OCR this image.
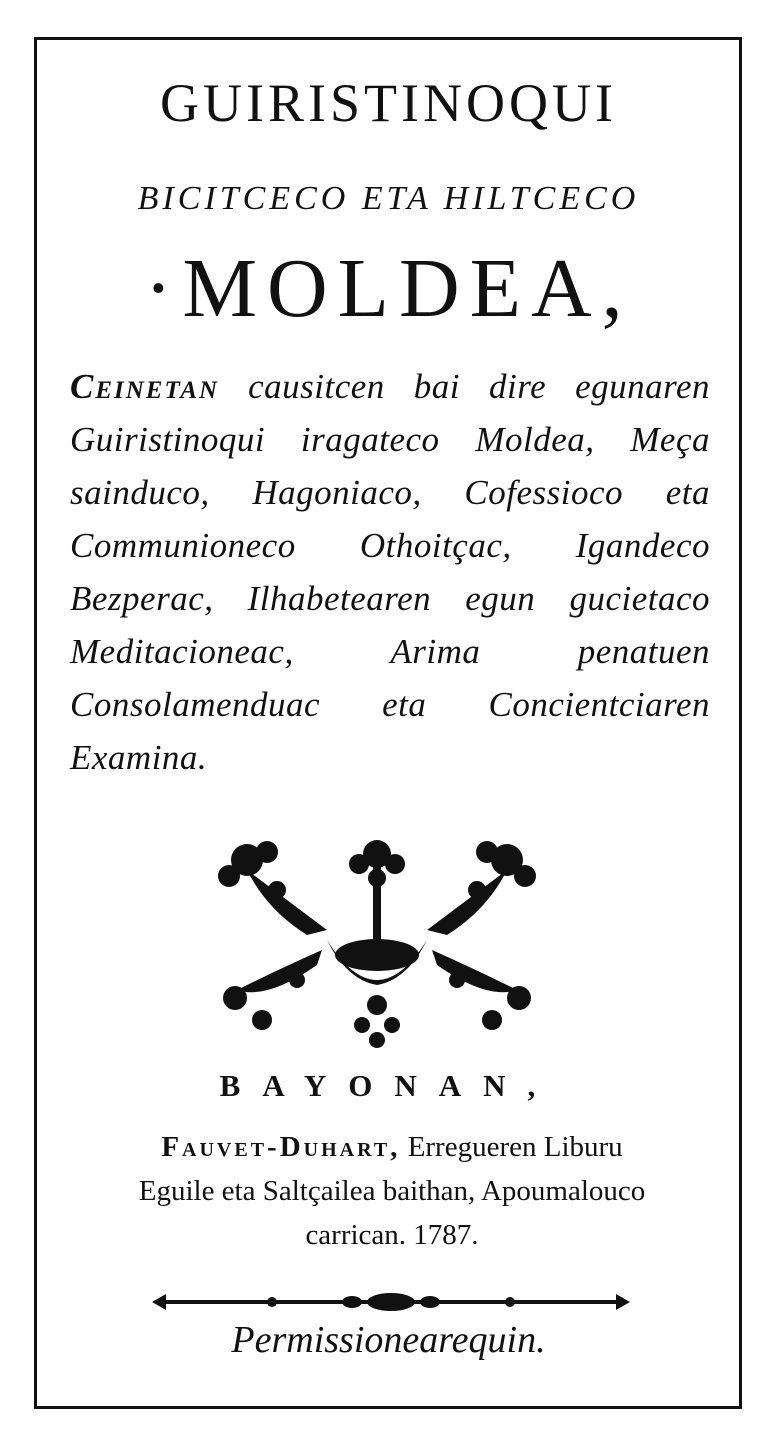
GUIRISTINOQUI
BICITCECO ETA HILTCECO
·MOLDEA,
Ceinetan causitcen bai dire egunaren Guiristinoqui iragateco Moldea, Meça sainduco, Hagoniaco, Cofessioco eta Communioneco Othoitçac, Igandeco Bezperac, Ilhabetearen egun gucietaco Meditacioneac, Arima penatuen Consolamenduac eta Concientciaren Examina.
BAYONAN,
Fauvet-Duhart, Erregueren Liburu
Eguile eta Saltçailea baithan, Apoumalouco
carrican. 1787.
Permissionearequin.
